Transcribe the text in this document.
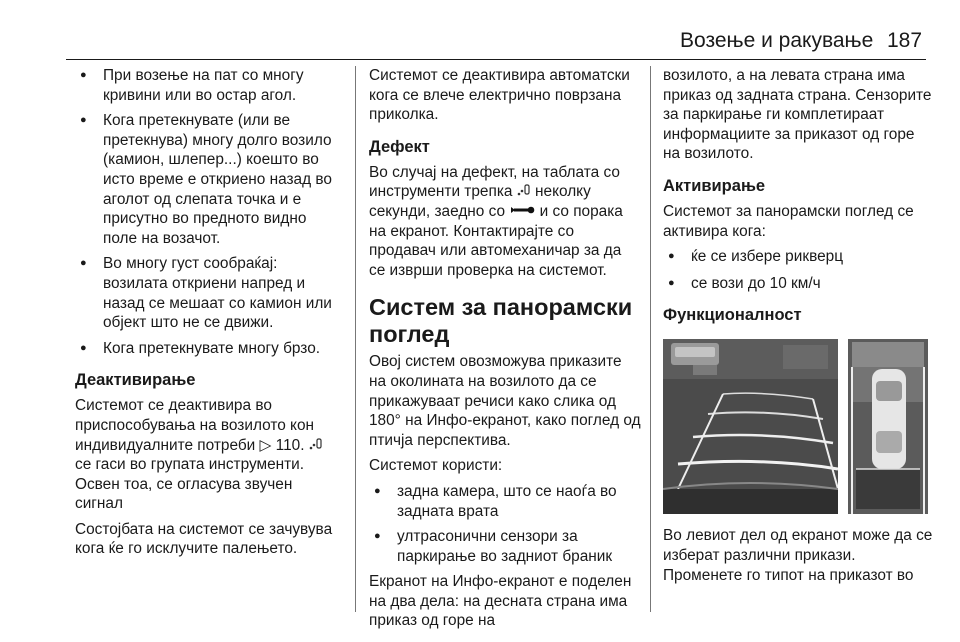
Возење и ракување 187
● При возење на пат со многу кривини или во остар агол.
● Кога претекнувате (или ве претекнува) многу долго возило (камион, шлепер...) коешто во исто време е откриено назад во аголот од слепата точка и е присутно во предното видно поле на возачот.
● Во многу густ сообраќај: возилата откриени напред и назад се мешаат со камион или објект што не се движи.
● Кога претекнувате многу брзо.
Деактивирање

Системот се деактивира во приспособувања на возилото кон индивидуалните потреби ▷ 110.  се гаси во групата инструменти. Освен тоа, се огласува звучен сигнал

Состојбата на системот се зачувува кога ќе го исклучите палењето.

Системот се деактивира автоматски кога се влече електрично поврзана приколка.

Дефект

Во случај на дефект, на таблата со инструменти трепка  неколку секунди, заедно со  и со порака на екранот. Контактирајте со продавач или автомеханичар за да се изврши проверка на системот.

Систем за панорамски поглед

Овој систем овозможува приказите на околината на возилото да се прикажуваат речиси како слика од 180° на Инфо-екранот, како поглед од птичја перспектива.

Системот користи:

● задна камера, што се наоѓа во задната врата
● ултрасонични сензори за паркирање во задниот браник

Екранот на Инфо-екранот е поделен на два дела: на десната страна има приказ од горе на

возилото, а на левата страна има приказ од задната страна. Сензорите за паркирање ги комплетираат информациите за приказот од горе на возилото.

Активирање

Системот за панорамски поглед се активира кога:

● ќе се избере рикверц
● се вози до 10 км/ч
Функционалност

Во левиот дел од екранот може да се изберат различни прикази. Променете го типот на приказот во
